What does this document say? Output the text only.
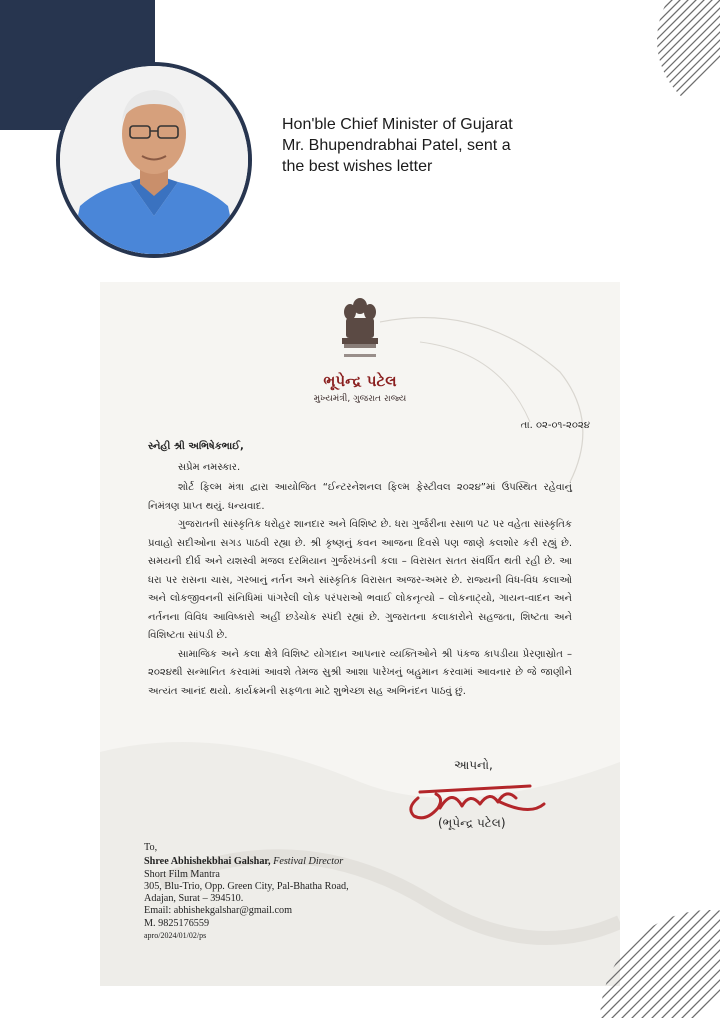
Hon'ble Chief Minister of Gujarat
Mr. Bhupendrabhai Patel, sent a
the best wishes letter
ભૂપેન્દ્ર પટેલ
મુખ્યમંત્રી, ગુજરાત રાજ્ય
તા. ૦૨-૦૧-૨૦૨૪
સ્નેહી શ્રી અભિષેકભાઈ,
સપ્રેમ નમસ્કાર.

શોર્ટ ફિલ્મ મંત્રા દ્વારા આયોજિત “ઈન્ટરનેશનલ ફિલ્મ ફેસ્ટીવલ ૨૦૨૪”માં ઉપસ્થિત રહેવાનું નિમંત્રણ પ્રાપ્ત થયું. ધન્યવાદ.

ગુજરાતની સાંસ્કૃતિક ધરોહર શાનદાર અને વિશિષ્ટ છે. ધરા ગુર્જરીના રસાળ પટ પર વહેતા સાંસ્કૃતિક પ્રવાહો સદીઓના સગડ પાઠવી રહ્યા છે. શ્રી કૃષ્ણનું કવન આજના દિવસે પણ જાણે કલશોર કરી રહ્યું છે. સમયની દીર્ઘ અને યશસ્વી મજલ દરમિયાન ગુર્જરખંડની કલા – વિરાસત સતત સંવર્ધિત થતી રહી છે. આ ધરા પર રાસના ચાસ, ગરબાનું નર્તન અને સાંસ્કૃતિક વિરાસત અજર-અમર છે. રાજ્યની વિધ-વિધ કલાઓ અને લોકજીવનની સંનિધિમાં પાંગરેલી લોક પરંપરાઓ ભવાઈ લોકનૃત્યો – લોકનાટ્યો, ગાયન-વાદન અને નર્તનના વિવિધ આવિષ્કારો અહીં છડેચોક સ્પંદી રહ્યાં છે. ગુજરાતના કલાકારોને સહજતા, શિષ્ટતા અને વિશિષ્ટતા સાંપડી છે.

સામાજિક અને કલા ક્ષેત્રે વિશિષ્ટ યોગદાન આપનાર વ્યક્તિઓને શ્રી પંકજ કાપડીયા પ્રેરણાસ્રોત – ૨૦૨૪થી સન્માનિત કરવામાં આવશે તેમજ સુશ્રી આશા પારેખનું બહુમાન કરવામાં આવનાર છે જે જાણીને અત્યંત આનંદ થયો. કાર્યક્રમની સફળતા માટે શુભેચ્છા સહ અભિનંદન પાઠવું છું.

આપનો,
(ભૂપેન્દ્ર પટેલ)
To,
Shree Abhishekbhai Galshar, Festival Director
Short Film Mantra
305, Blu-Trio, Opp. Green City, Pal-Bhatha Road,
Adajan, Surat – 394510.
Email: abhishekgalshar@gmail.com
M. 9825176559
apro/2024/01/02/ps
